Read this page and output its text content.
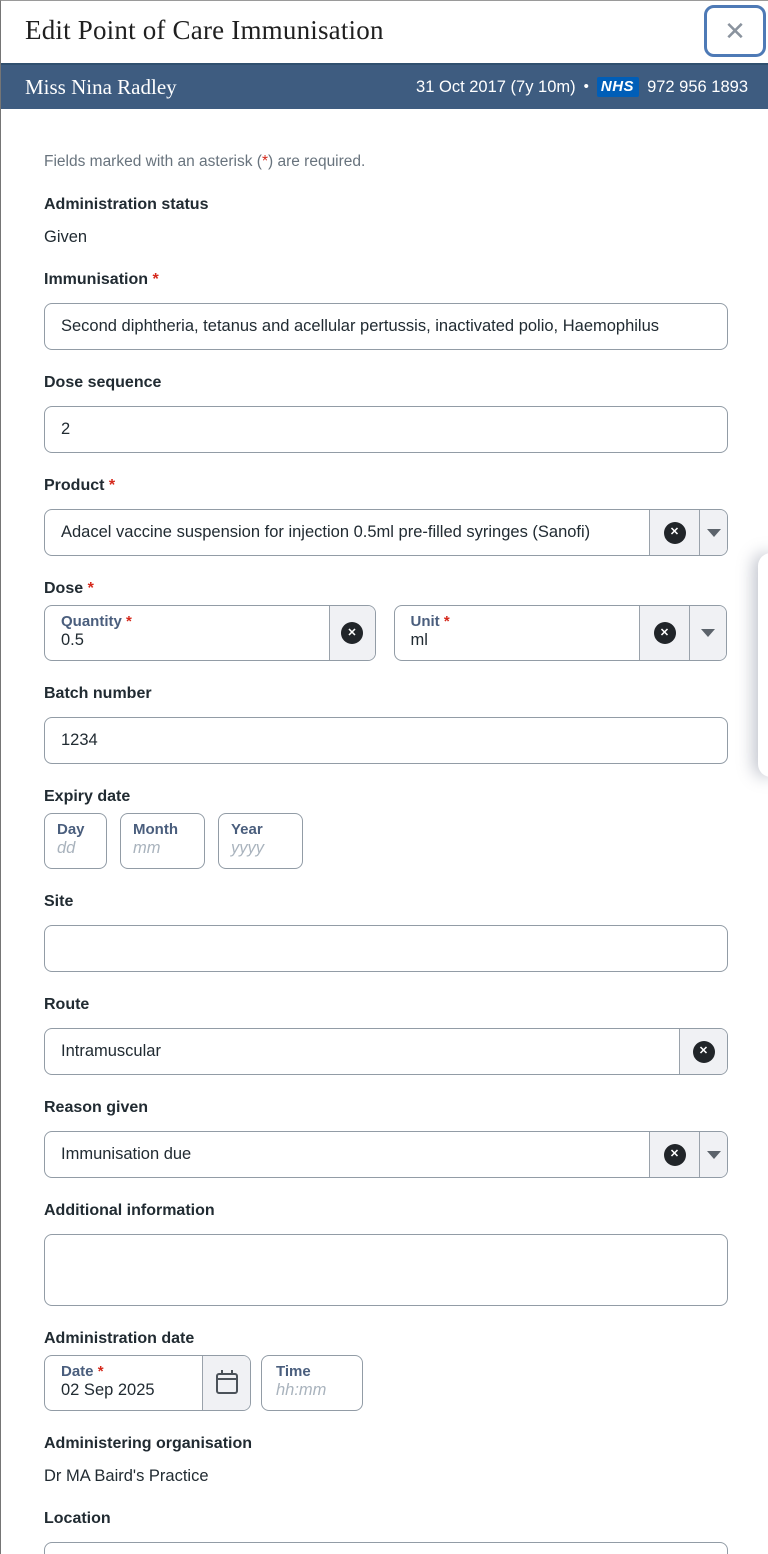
Edit Point of Care Immunisation	✕
Miss Nina Radley	31 Oct 2017 (7y 10m) • NHS 972 956 1893
Fields marked with an asterisk (*) are required.
Administration status
Given
Immunisation *
Second diphtheria, tetanus and acellular pertussis, inactivated polio, Haemophilus
Dose sequence
2
Product *
Adacel vaccine suspension for injection 0.5ml pre-filled syringes (Sanofi)	✕
Dose *
Quantity *
0.5	✕
Unit *
ml	✕
Batch number
1234
Expiry date
Day
dd
Month
mm
Year
yyyy
Site
Route
Intramuscular	✕
Reason given
Immunisation due	✕
Additional information
Administration date
Date *
02 Sep 2025
Time
hh:mm
Administering organisation
Dr MA Baird's Practice
Location
